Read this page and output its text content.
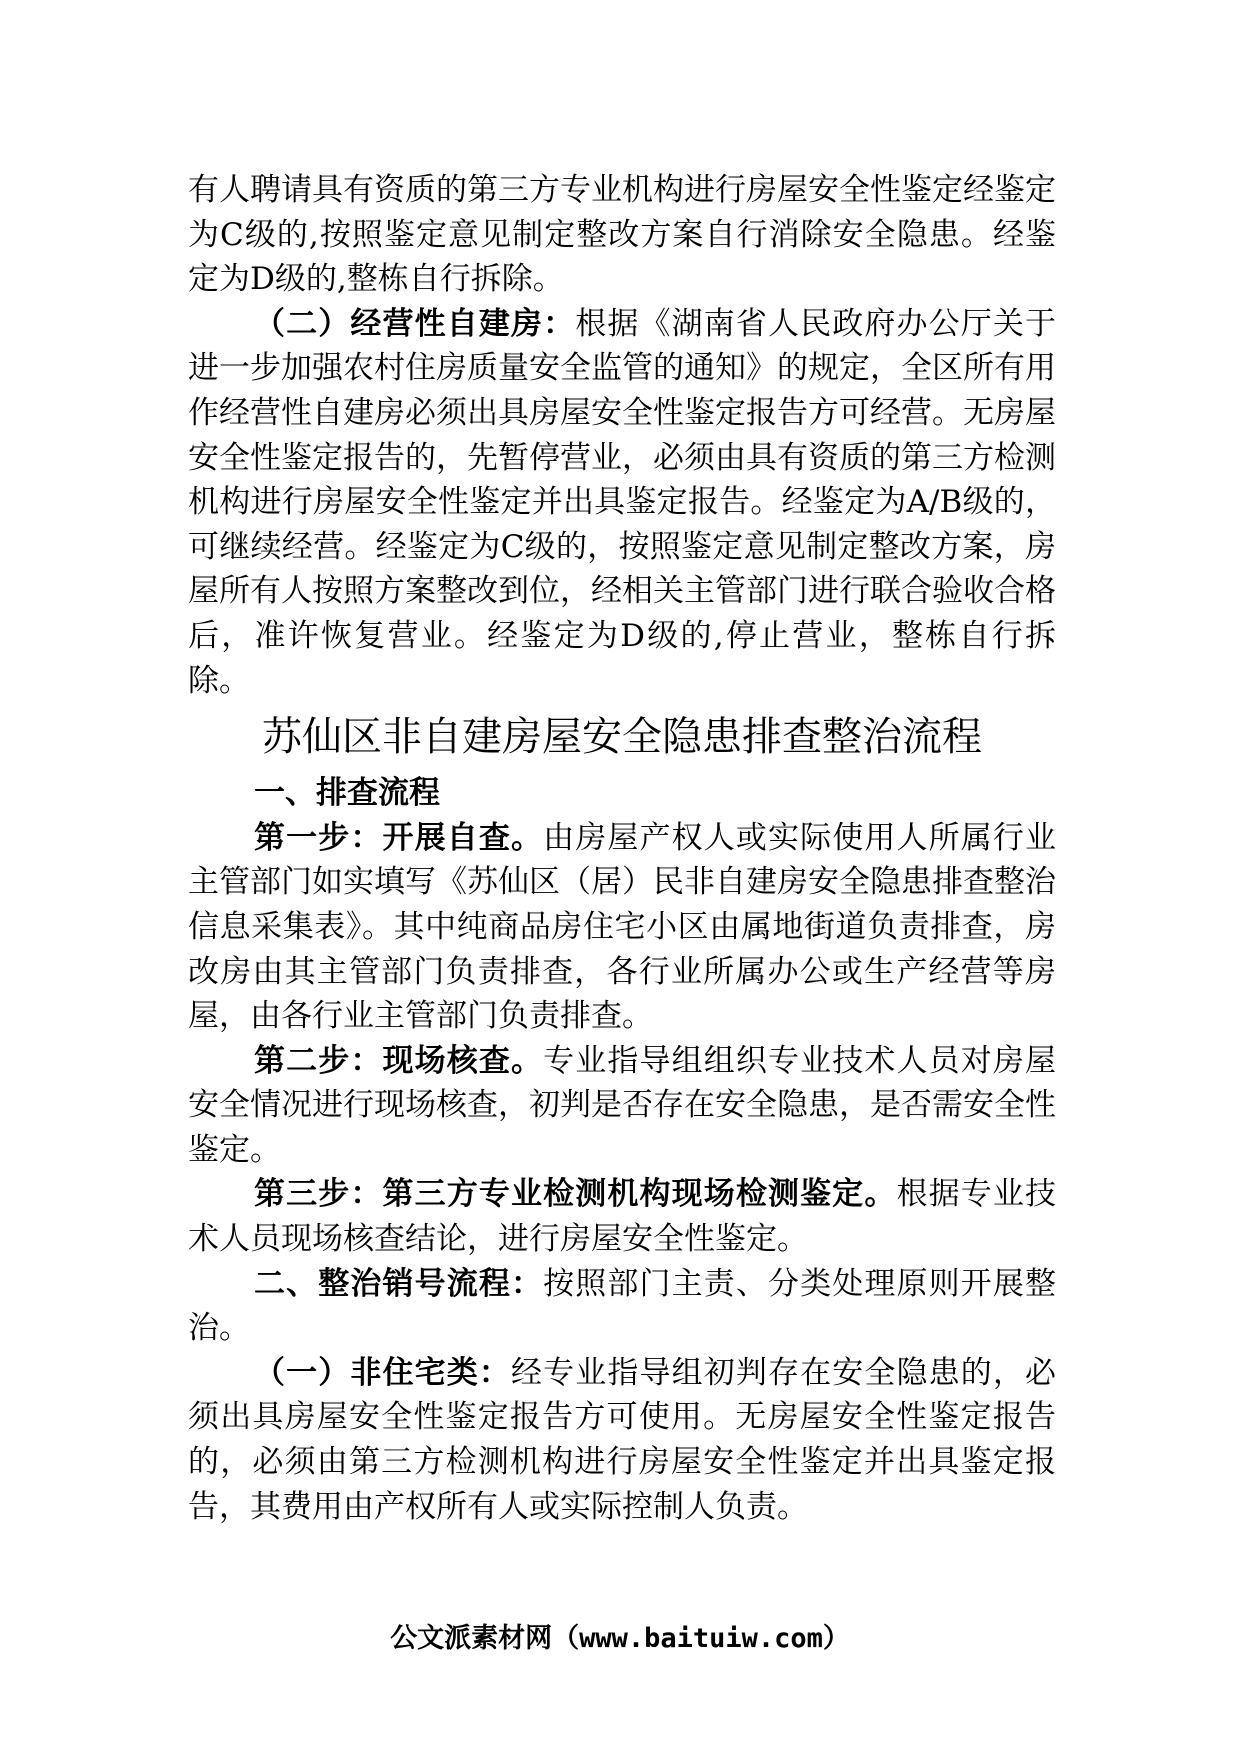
有人聘请具有资质的第三方专业机构进行房屋安全性鉴定经鉴定为C级的,按照鉴定意见制定整改方案自行消除安全隐患。经鉴定为D级的,整栋自行拆除。

（二）经营性自建房：根据《湖南省人民政府办公厅关于进一步加强农村住房质量安全监管的通知》的规定，全区所有用作经营性自建房必须出具房屋安全性鉴定报告方可经营。无房屋安全性鉴定报告的，先暂停营业，必须由具有资质的第三方检测机构进行房屋安全性鉴定并出具鉴定报告。经鉴定为A/B级的，可继续经营。经鉴定为C级的，按照鉴定意见制定整改方案，房屋所有人按照方案整改到位，经相关主管部门进行联合验收合格后，准许恢复营业。经鉴定为D级的,停止营业，整栋自行拆除。

苏仙区非自建房屋安全隐患排查整治流程

一、排查流程

第一步：开展自查。由房屋产权人或实际使用人所属行业主管部门如实填写《苏仙区（居）民非自建房安全隐患排查整治信息采集表》。其中纯商品房住宅小区由属地街道负责排查，房改房由其主管部门负责排查，各行业所属办公或生产经营等房屋，由各行业主管部门负责排查。

第二步：现场核查。专业指导组组织专业技术人员对房屋安全情况进行现场核查，初判是否存在安全隐患，是否需安全性鉴定。

第三步：第三方专业检测机构现场检测鉴定。根据专业技术人员现场核查结论，进行房屋安全性鉴定。

二、整治销号流程：按照部门主责、分类处理原则开展整治。

（一）非住宅类：经专业指导组初判存在安全隐患的，必须出具房屋安全性鉴定报告方可使用。无房屋安全性鉴定报告的，必须由第三方检测机构进行房屋安全性鉴定并出具鉴定报告，其费用由产权所有人或实际控制人负责。

公文派素材网（www.baituiw.com）
